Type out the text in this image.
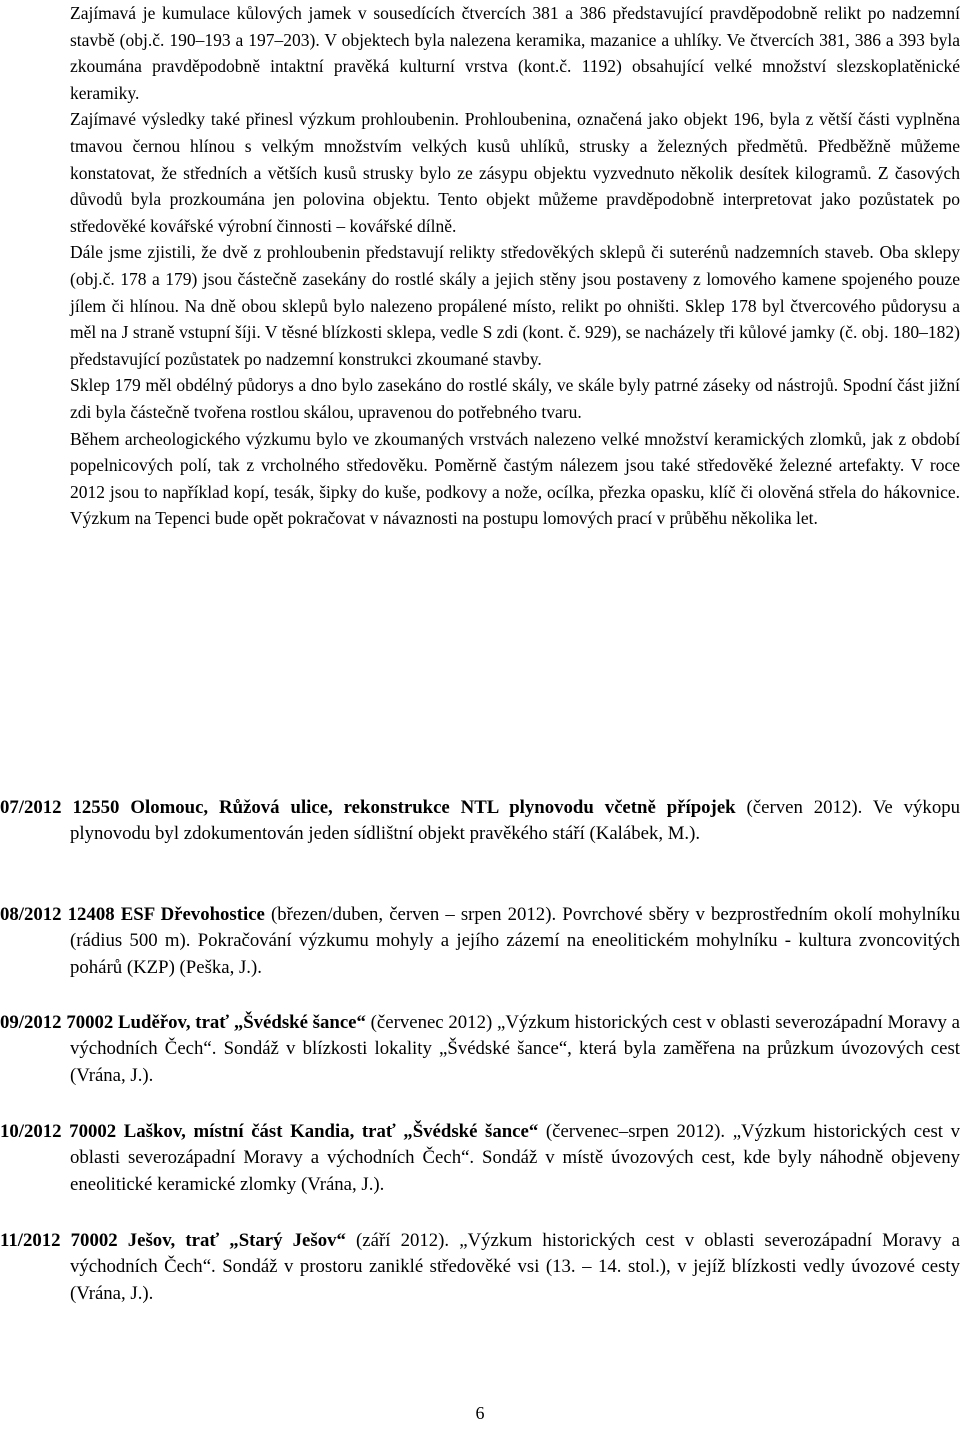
Zajímavá je kumulace kůlových jamek v sousedících čtvercích 381 a 386 představující pravděpodobně relikt po nadzemní stavbě (obj.č. 190–193 a 197–203). V objektech byla nalezena keramika, mazanice a uhlíky. Ve čtvercích 381, 386 a 393 byla zkoumána pravděpodobně intaktní pravěká kulturní vrstva (kont.č. 1192) obsahující velké množství slezskoplatěnické keramiky.

Zajímavé výsledky také přinesl výzkum prohloubenin. Prohloubenina, označená jako objekt 196, byla z větší části vyplněna tmavou černou hlínou s velkým množstvím velkých kusů uhlíků, strusky a železných předmětů. Předběžně můžeme konstatovat, že středních a větších kusů strusky bylo ze zásypu objektu vyzvednuto několik desítek kilogramů. Z časových důvodů byla prozkoumána jen polovina objektu. Tento objekt můžeme pravděpodobně interpretovat jako pozůstatek po středověké kovářské výrobní činnosti – kovářské dílně.

Dále jsme zjistili, že dvě z prohloubenin představují relikty středověkých sklepů či suterénů nadzemních staveb. Oba sklepy (obj.č. 178 a 179) jsou částečně zasekány do rostlé skály a jejich stěny jsou postaveny z lomového kamene spojeného pouze jílem či hlínou. Na dně obou sklepů bylo nalezeno propálené místo, relikt po ohništi. Sklep 178 byl čtvercového půdorysu a měl na J straně vstupní šíji. V těsné blízkosti sklepa, vedle S zdi (kont. č. 929), se nacházely tři kůlové jamky (č. obj. 180–182) představující pozůstatek po nadzemní konstrukci zkoumané stavby.

Sklep 179 měl obdélný půdorys a dno bylo zasekáno do rostlé skály, ve skále byly patrné záseky od nástrojů. Spodní část jižní zdi byla částečně tvořena rostlou skálou, upravenou do potřebného tvaru.

Během archeologického výzkumu bylo ve zkoumaných vrstvách nalezeno velké množství keramických zlomků, jak z období popelnicových polí, tak z vrcholného středověku. Poměrně častým nálezem jsou také středověké železné artefakty. V roce 2012 jsou to například kopí, tesák, šipky do kuše, podkovy a nože, ocílka, přezka opasku, klíč či olověná střela do hákovnice. Výzkum na Tepenci bude opět pokračovat v návaznosti na postupu lomových prací v průběhu několika let.

07/2012 12550 Olomouc, Růžová ulice, rekonstrukce NTL plynovodu včetně přípojek (červen 2012). Ve výkopu plynovodu byl zdokumentován jeden sídlištní objekt pravěkého stáří (Kalábek, M.).

08/2012 12408 ESF Dřevohostice (březen/duben, červen – srpen 2012). Povrchové sběry v bezprostředním okolí mohylníku (rádius 500 m). Pokračování výzkumu mohyly a jejího zázemí na eneolitickém mohylníku - kultura zvoncovitých pohárů (KZP) (Peška, J.).

09/2012 70002 Luděřov, trať „Švédské šance“ (červenec 2012) „Výzkum historických cest v oblasti severozápadní Moravy a východních Čech“. Sondáž v blízkosti lokality „Švédské šance“, která byla zaměřena na průzkum úvozových cest (Vrána, J.).

10/2012 70002 Laškov, místní část Kandia, trať „Švédské šance“ (červenec–srpen 2012). „Výzkum historických cest v oblasti severozápadní Moravy a východních Čech“. Sondáž v místě úvozových cest, kde byly náhodně objeveny eneolitické keramické zlomky (Vrána, J.).

11/2012 70002 Ješov, trať „Starý Ješov“ (září 2012). „Výzkum historických cest v oblasti severozápadní Moravy a východních Čech“. Sondáž v prostoru zaniklé středověké vsi (13. – 14. stol.), v jejíž blízkosti vedly úvozové cesty (Vrána, J.).

6
